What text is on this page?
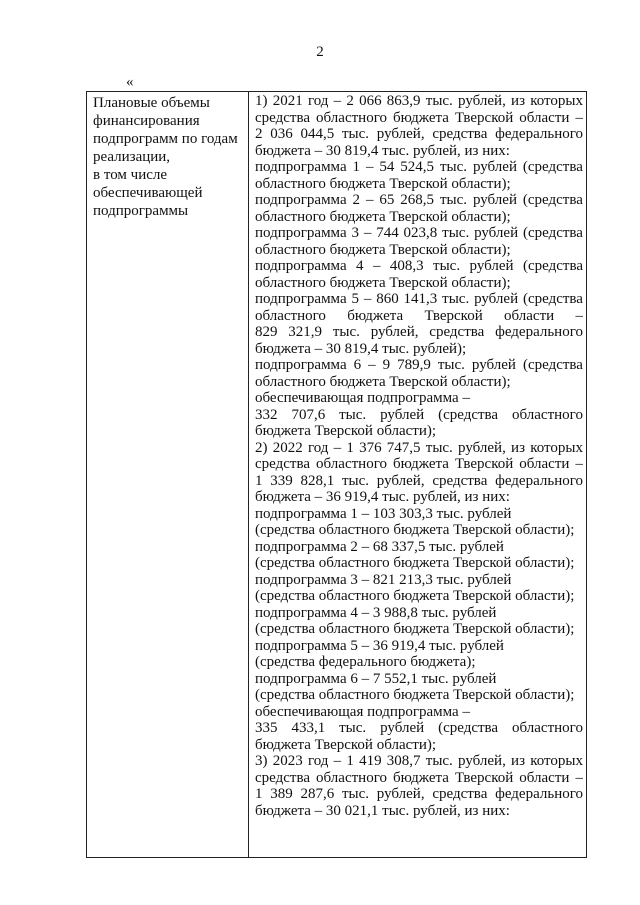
2
«
Плановые объемы
финансирования
подпрограмм по годам
реализации,
в том числе
обеспечивающей
подпрограммы
1) 2021 год – 2 066 863,9 тыс. рублей, из которых
средства областного бюджета Тверской области –
2 036 044,5 тыс. рублей, средства федерального
бюджета – 30 819,4 тыс. рублей, из них:
подпрограмма 1 – 54 524,5 тыс. рублей (средства
областного бюджета Тверской области);
подпрограмма 2 – 65 268,5 тыс. рублей (средства
областного бюджета Тверской области);
подпрограмма 3 – 744 023,8 тыс. рублей (средства
областного бюджета Тверской области);
подпрограмма 4 – 408,3 тыс. рублей (средства
областного бюджета Тверской области);
подпрограмма 5 – 860 141,3 тыс. рублей (средства
областного бюджета Тверской области –
829 321,9 тыс. рублей, средства федерального
бюджета – 30 819,4 тыс. рублей);
подпрограмма 6 – 9 789,9 тыс. рублей (средства
областного бюджета Тверской области);
обеспечивающая подпрограмма –
332 707,6 тыс. рублей (средства областного
бюджета Тверской области);
2) 2022 год – 1 376 747,5 тыс. рублей, из которых
средства областного бюджета Тверской области –
1 339 828,1 тыс. рублей, средства федерального
бюджета – 36 919,4 тыс. рублей, из них:
подпрограмма 1 – 103 303,3 тыс. рублей
(средства областного бюджета Тверской области);
подпрограмма 2 – 68 337,5 тыс. рублей
(средства областного бюджета Тверской области);
подпрограмма 3 – 821 213,3 тыс. рублей
(средства областного бюджета Тверской области);
подпрограмма 4 – 3 988,8 тыс. рублей
(средства областного бюджета Тверской области);
подпрограмма 5 – 36 919,4 тыс. рублей
(средства федерального бюджета);
подпрограмма 6 – 7 552,1 тыс. рублей
(средства областного бюджета Тверской области);
обеспечивающая подпрограмма –
335 433,1 тыс. рублей (средства областного
бюджета Тверской области);
3) 2023 год – 1 419 308,7 тыс. рублей, из которых
средства областного бюджета Тверской области –
1 389 287,6 тыс. рублей, средства федерального
бюджета – 30 021,1 тыс. рублей, из них:
